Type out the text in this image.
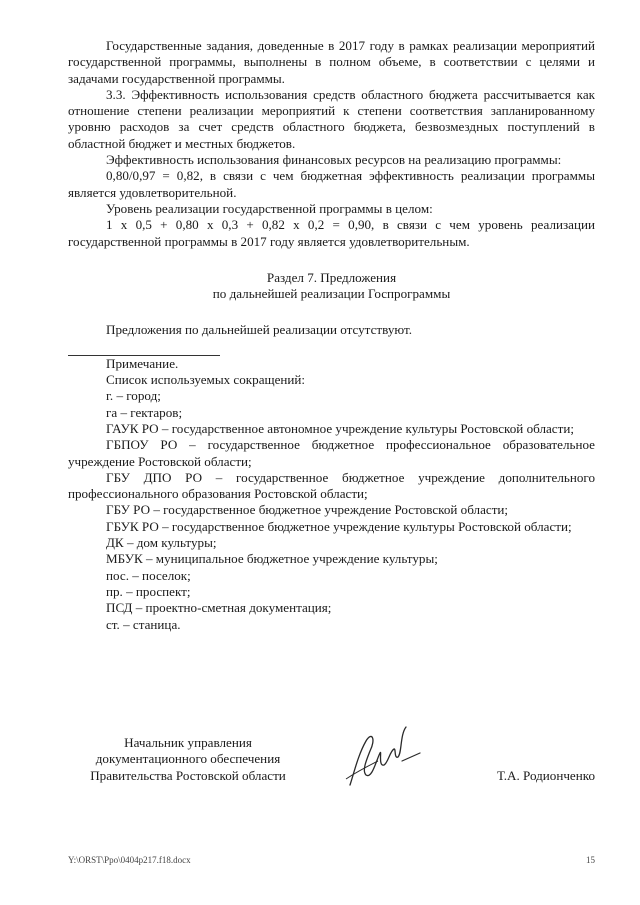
Государственные задания, доведенные в 2017 году в рамках реализации мероприятий государственной программы, выполнены в полном объеме, в соответствии с целями и задачами государственной программы.

3.3. Эффективность использования средств областного бюджета рассчитывается как отношение степени реализации мероприятий к степени соответствия запланированному уровню расходов за счет средств областного бюджета, безвозмездных поступлений в областной бюджет и местных бюджетов.

Эффективность использования финансовых ресурсов на реализацию программы:

0,80/0,97 = 0,82, в связи с чем бюджетная эффективность реализации программы является удовлетворительной.

Уровень реализации государственной программы в целом:

1 х 0,5 + 0,80 х 0,3 + 0,82 х 0,2 = 0,90, в связи с чем уровень реализации государственной программы в 2017 году является удовлетворительным.

Раздел 7. Предложения

по дальнейшей реализации Госпрограммы

Предложения по дальнейшей реализации отсутствуют.

Примечание.

Список используемых сокращений:

г. – город;

га – гектаров;

ГАУК РО – государственное автономное учреждение культуры Ростовской области;

ГБПОУ РО – государственное бюджетное профессиональное образовательное учреждение Ростовской области;

ГБУ ДПО РО – государственное бюджетное учреждение дополнительного профессионального образования Ростовской области;

ГБУ РО – государственное бюджетное учреждение Ростовской области;

ГБУК РО – государственное бюджетное учреждение культуры Ростовской области;

ДК – дом культуры;

МБУК – муниципальное бюджетное учреждение культуры;

пос. – поселок;

пр. – проспект;

ПСД – проектно-сметная документация;

ст. – станица.

Начальник управления
документационного обеспечения
Правительства Ростовской области	Т.А. Родионченко
Y:\ORST\Ppo\0404p217.f18.docx	15
